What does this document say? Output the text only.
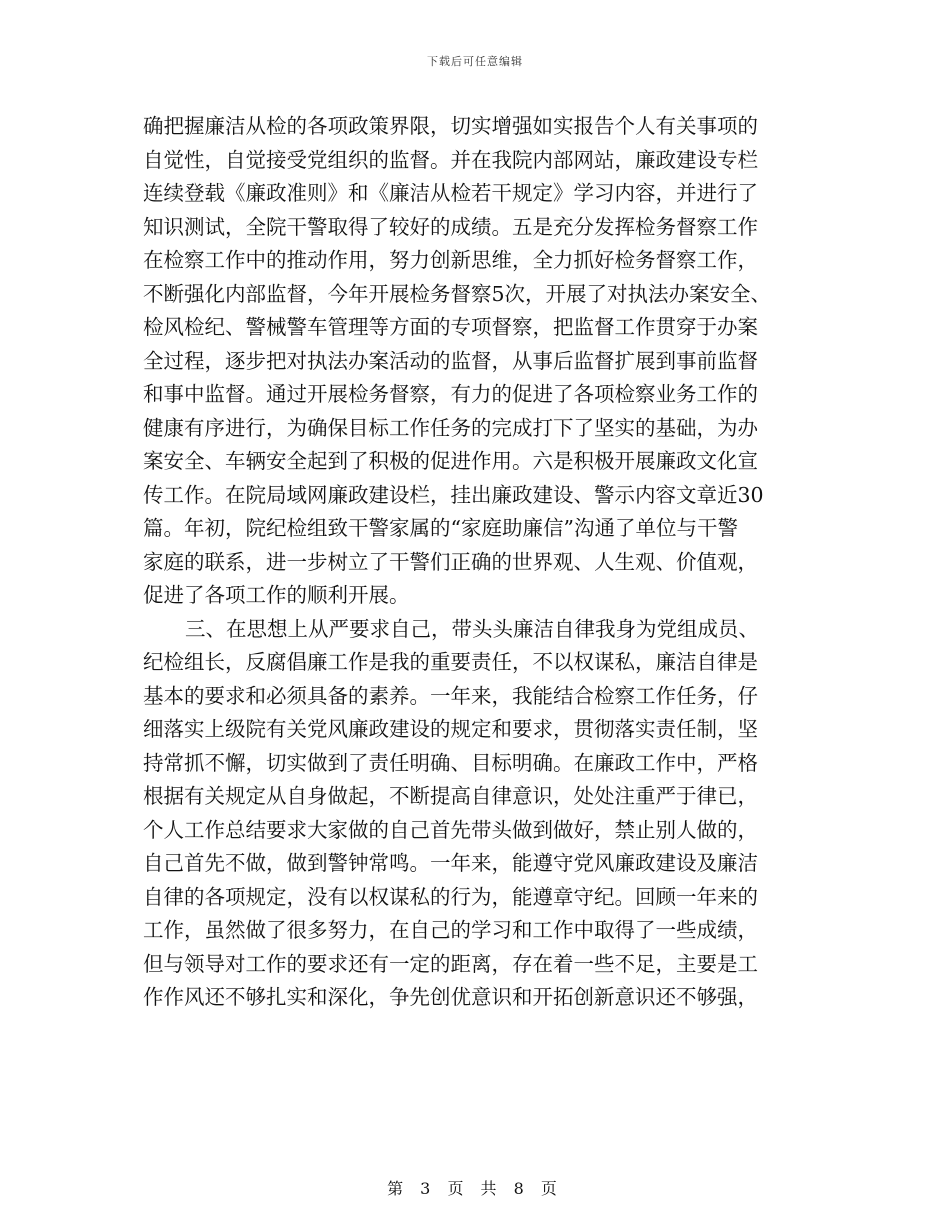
下载后可任意编辑
确把握廉洁从检的各项政策界限，切实增强如实报告个人有关事项的
自觉性，自觉接受党组织的监督。并在我院内部网站，廉政建设专栏
连续登载《廉政准则》和《廉洁从检若干规定》学习内容，并进行了
知识测试，全院干警取得了较好的成绩。五是充分发挥检务督察工作
在检察工作中的推动作用，努力创新思维，全力抓好检务督察工作，
不断强化内部监督，今年开展检务督察5次，开展了对执法办案安全、
检风检纪、警械警车管理等方面的专项督察，把监督工作贯穿于办案
全过程，逐步把对执法办案活动的监督，从事后监督扩展到事前监督
和事中监督。通过开展检务督察，有力的促进了各项检察业务工作的
健康有序进行，为确保目标工作任务的完成打下了坚实的基础，为办
案安全、车辆安全起到了积极的促进作用。六是积极开展廉政文化宣
传工作。在院局域网廉政建设栏，挂出廉政建设、警示内容文章近30
篇。年初，院纪检组致干警家属的“家庭助廉信”沟通了单位与干警
家庭的联系，进一步树立了干警们正确的世界观、人生观、价值观，
促进了各项工作的顺利开展。
三、在思想上从严要求自己，带头头廉洁自律我身为党组成员、
纪检组长，反腐倡廉工作是我的重要责任，不以权谋私，廉洁自律是
基本的要求和必须具备的素养。一年来，我能结合检察工作任务，仔
细落实上级院有关党风廉政建设的规定和要求，贯彻落实责任制，坚
持常抓不懈，切实做到了责任明确、目标明确。在廉政工作中，严格
根据有关规定从自身做起，不断提高自律意识，处处注重严于律已，
个人工作总结要求大家做的自己首先带头做到做好，禁止别人做的，
自己首先不做，做到警钟常鸣。一年来，能遵守党风廉政建设及廉洁
自律的各项规定，没有以权谋私的行为，能遵章守纪。回顾一年来的
工作，虽然做了很多努力，在自己的学习和工作中取得了一些成绩，
但与领导对工作的要求还有一定的距离，存在着一些不足，主要是工
作作风还不够扎实和深化，争先创优意识和开拓创新意识还不够强，
第 3 页 共 8 页
